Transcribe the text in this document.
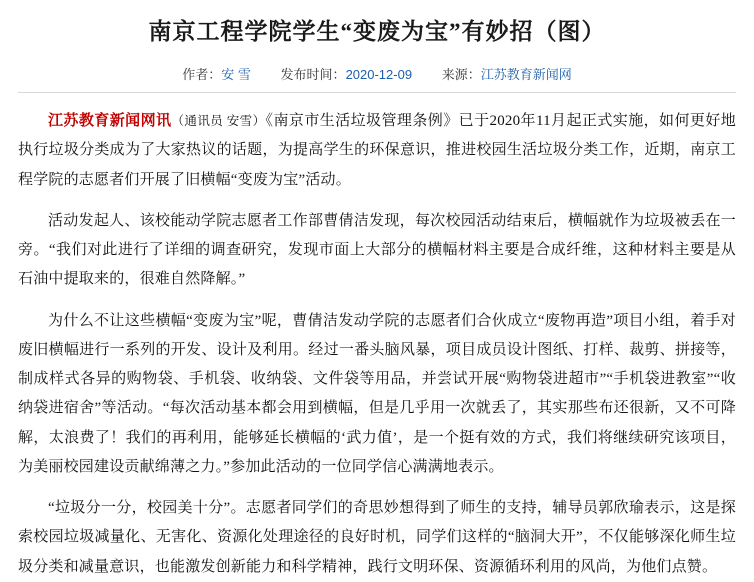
南京工程学院学生“变废为宝”有妙招（图）
作者：安 雪 发布时间：2020-12-09 来源：江苏教育新闻网

江苏教育新闻网讯（通讯员 安雪）《南京市生活垃圾管理条例》已于2020年11月起正式实施，如何更好地执行垃圾分类成为了大家热议的话题，为提高学生的环保意识，推进校园生活垃圾分类工作，近期，南京工程学院的志愿者们开展了旧横幅“变废为宝”活动。

活动发起人、该校能动学院志愿者工作部曹倩洁发现，每次校园活动结束后，横幅就作为垃圾被丢在一旁。“我们对此进行了详细的调查研究，发现市面上大部分的横幅材料主要是合成纤维，这种材料主要是从石油中提取来的，很难自然降解。”

为什么不让这些横幅“变废为宝”呢，曹倩洁发动学院的志愿者们合伙成立“废物再造”项目小组，着手对废旧横幅进行一系列的开发、设计及利用。经过一番头脑风暴，项目成员设计图纸、打样、裁剪、拼接等，制成样式各异的购物袋、手机袋、收纳袋、文件袋等用品，并尝试开展“购物袋进超市”“手机袋进教室”“收纳袋进宿舍”等活动。“每次活动基本都会用到横幅，但是几乎用一次就丢了，其实那些布还很新，又不可降解，太浪费了！我们的再利用，能够延长横幅的‘武力值’，是一个挺有效的方式，我们将继续研究该项目，为美丽校园建设贡献绵薄之力。”参加此活动的一位同学信心满满地表示。

“垃圾分一分，校园美十分”。志愿者同学们的奇思妙想得到了师生的支持，辅导员郭欣瑜表示，这是探索校园垃圾减量化、无害化、资源化处理途径的良好时机，同学们这样的“脑洞大开”，不仅能够深化师生垃圾分类和减量意识，也能激发创新能力和科学精神，践行文明环保、资源循环利用的风尚，为他们点赞。
